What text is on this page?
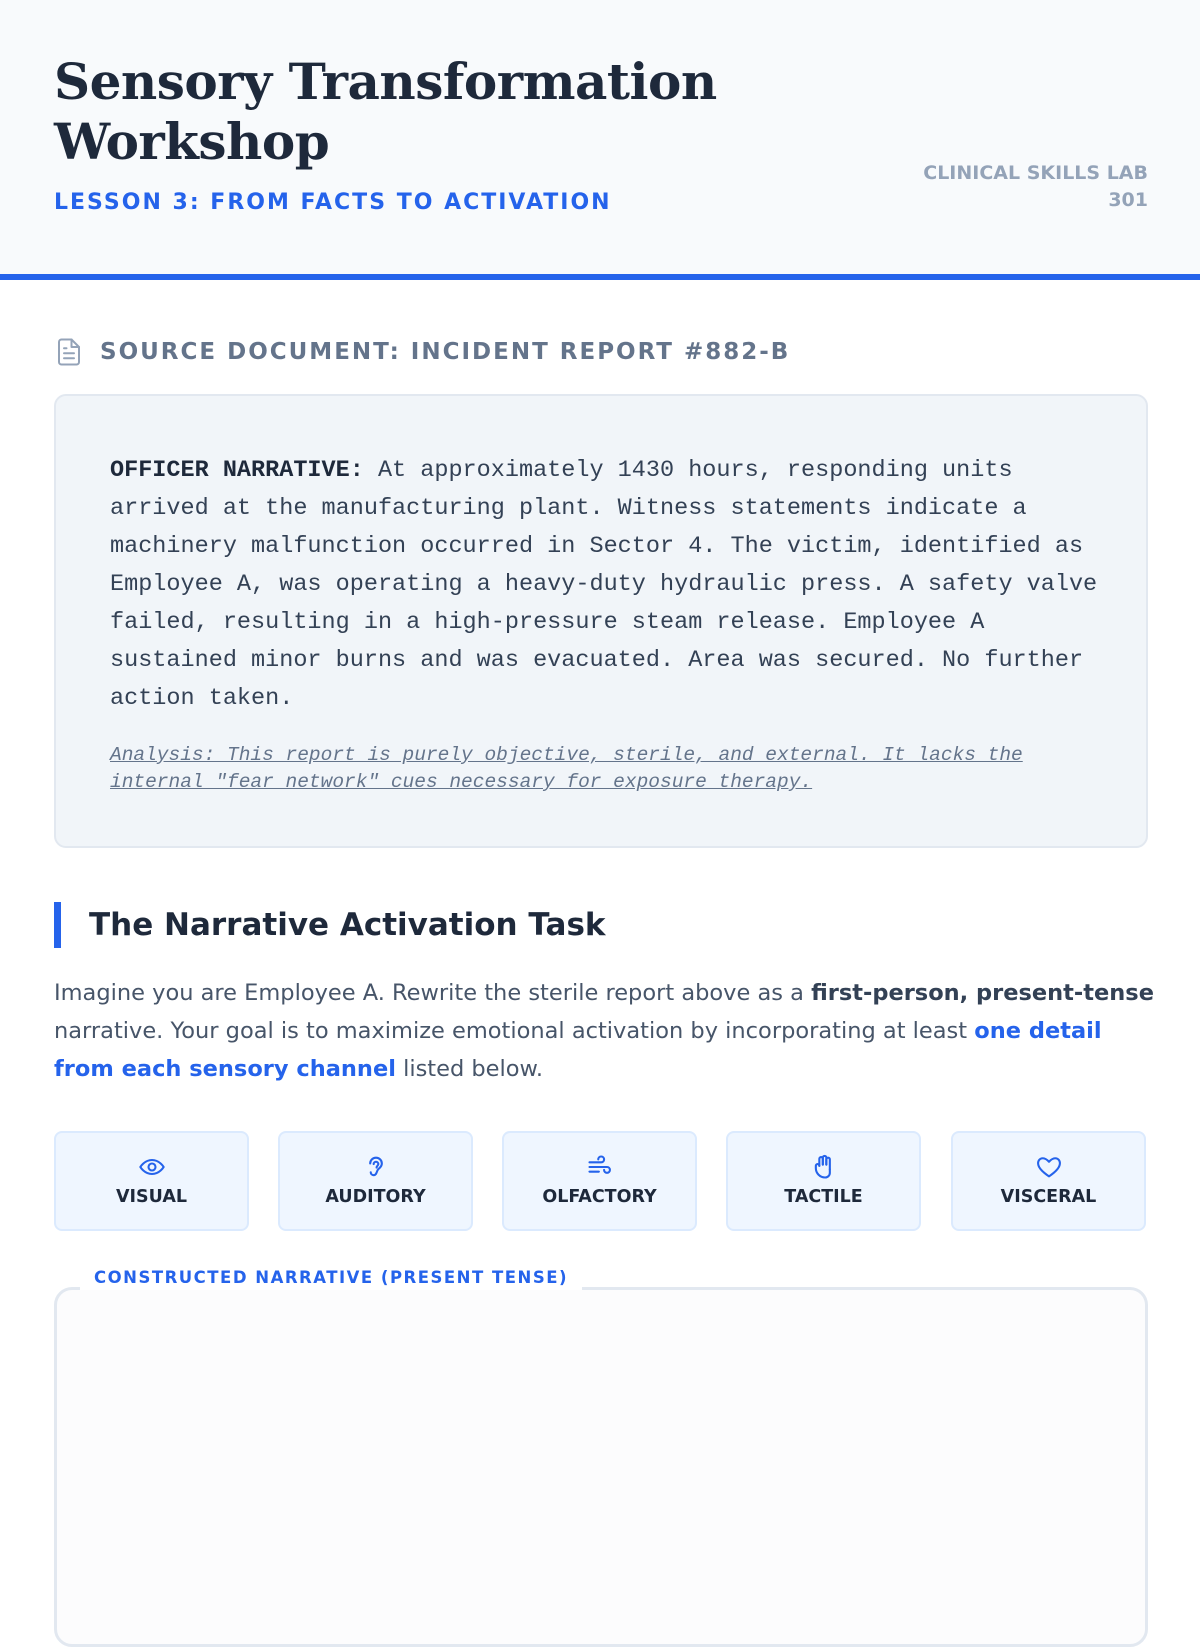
Sensory Transformation Workshop
LESSON 3: FROM FACTS TO ACTIVATION
CLINICAL SKILLS LAB
301
SOURCE DOCUMENT: INCIDENT REPORT #882-B

OFFICER NARRATIVE: At approximately 1430 hours, responding units arrived at the manufacturing plant. Witness statements indicate a machinery malfunction occurred in Sector 4. The victim, identified as Employee A, was operating a heavy-duty hydraulic press. A safety valve failed, resulting in a high-pressure steam release. Employee A sustained minor burns and was evacuated. Area was secured. No further action taken.

Analysis: This report is purely objective, sterile, and external. It lacks the internal "fear network" cues necessary for exposure therapy.

The Narrative Activation Task

Imagine you are Employee A. Rewrite the sterile report above as a first-person, present-tense narrative. Your goal is to maximize emotional activation by incorporating at least one detail from each sensory channel listed below.

VISUAL	AUDITORY	OLFACTORY	TACTILE	VISCERAL
CONSTRUCTED NARRATIVE (PRESENT TENSE)
